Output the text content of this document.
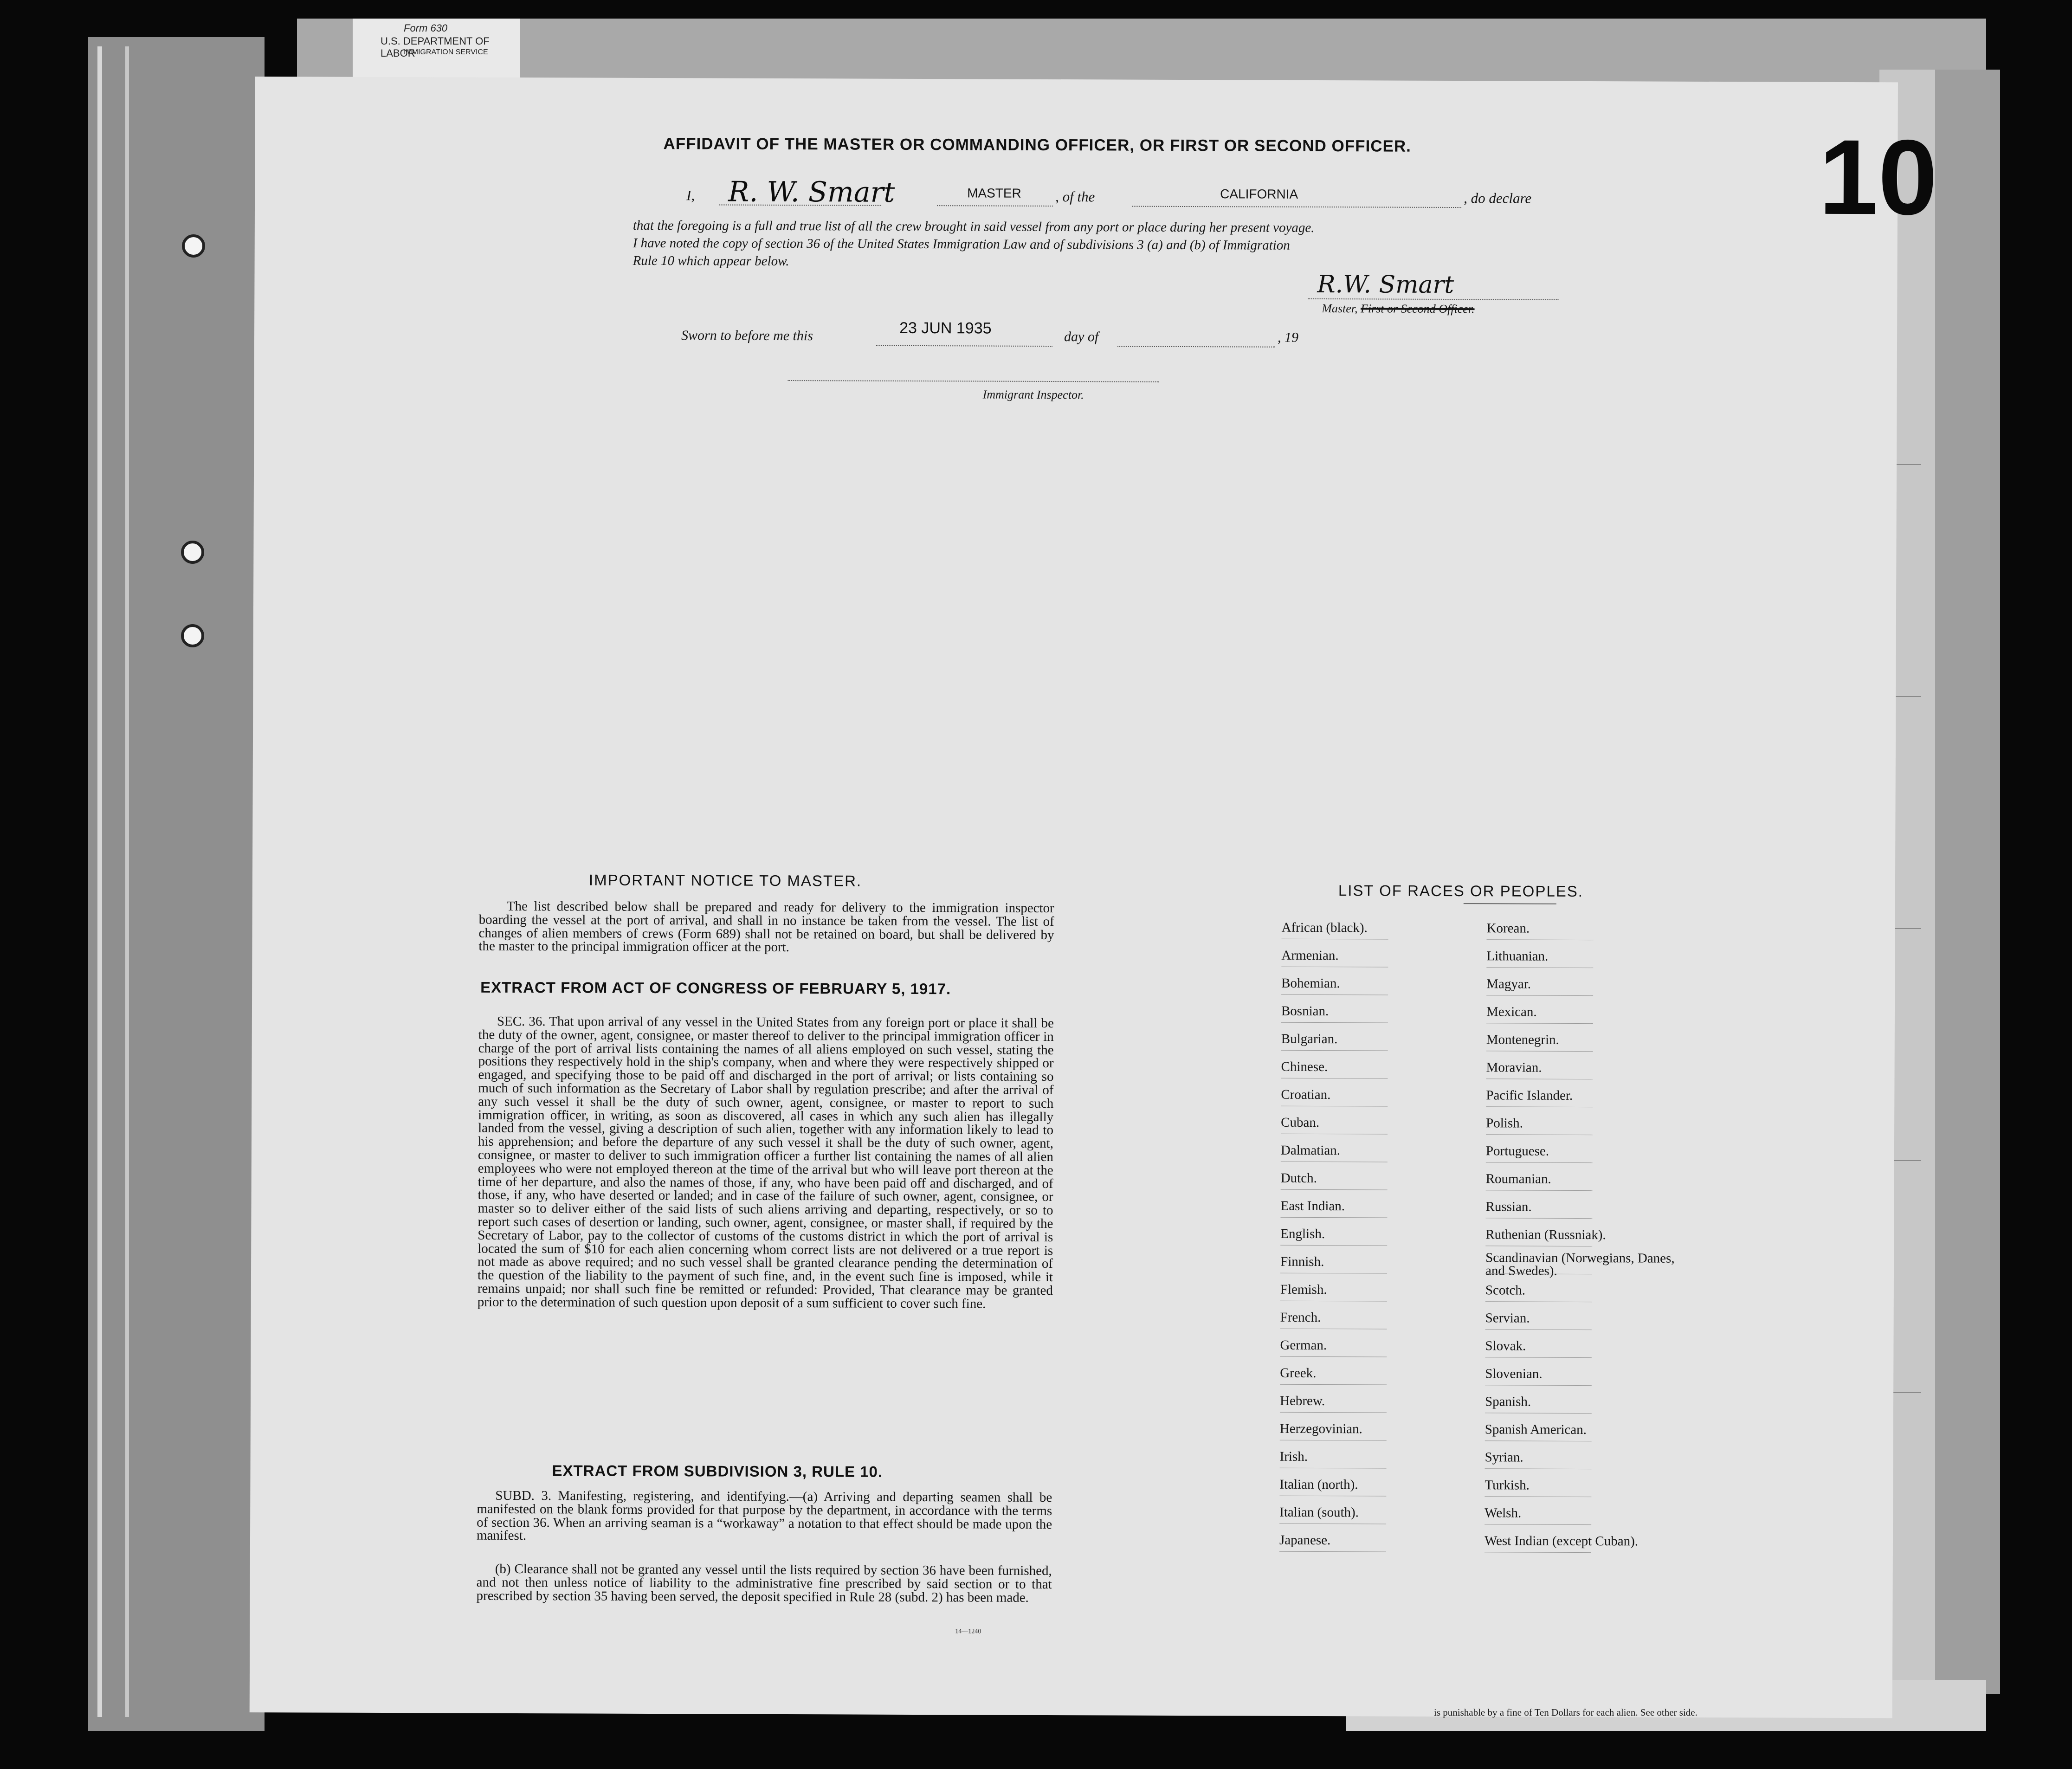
Form 630
U.S. DEPARTMENT OF LABOR
IMMIGRATION SERVICE
10
AFFIDAVIT OF THE MASTER OR COMMANDING OFFICER, OR FIRST OR SECOND OFFICER.
I, R. W. Smart	MASTER , of the	CALIFORNIA	, do declare
that the foregoing is a full and true list of all the crew brought in said vessel from any port or place during her present voyage.
I have noted the copy of section 36 of the United States Immigration Law and of subdivisions 3 (a) and (b) of Immigration
Rule 10 which appear below.
R.W. Smart
Master, First or Second Officer.
Sworn to before me this	23 JUN 1935	day of	, 19
Immigrant Inspector.
IMPORTANT NOTICE TO MASTER.
The list described below shall be prepared and ready for delivery to the immigration inspector boarding the vessel at the port of arrival, and shall in no instance be taken from the vessel. The list of changes of alien members of crews (Form 689) shall not be retained on board, but shall be delivered by the master to the principal immigration officer at the port.
EXTRACT FROM ACT OF CONGRESS OF FEBRUARY 5, 1917.
SEC. 36. That upon arrival of any vessel in the United States from any foreign port or place it shall be the duty of the owner, agent, consignee, or master thereof to deliver to the principal immigration officer in charge of the port of arrival lists containing the names of all aliens employed on such vessel, stating the positions they respectively hold in the ship's company, when and where they were respectively shipped or engaged, and specifying those to be paid off and discharged in the port of arrival; or lists containing so much of such information as the Secretary of Labor shall by regulation prescribe; and after the arrival of any such vessel it shall be the duty of such owner, agent, consignee, or master to report to such immigration officer, in writing, as soon as discovered, all cases in which any such alien has illegally landed from the vessel, giving a description of such alien, together with any information likely to lead to his apprehension; and before the departure of any such vessel it shall be the duty of such owner, agent, consignee, or master to deliver to such immigration officer a further list containing the names of all alien employees who were not employed thereon at the time of the arrival but who will leave port thereon at the time of her departure, and also the names of those, if any, who have been paid off and discharged, and of those, if any, who have deserted or landed; and in case of the failure of such owner, agent, consignee, or master so to deliver either of the said lists of such aliens arriving and departing, respectively, or so to report such cases of desertion or landing, such owner, agent, consignee, or master shall, if required by the Secretary of Labor, pay to the collector of customs of the customs district in which the port of arrival is located the sum of $10 for each alien concerning whom correct lists are not delivered or a true report is not made as above required; and no such vessel shall be granted clearance pending the determination of the question of the liability to the payment of such fine, and, in the event such fine is imposed, while it remains unpaid; nor shall such fine be remitted or refunded: Provided, That clearance may be granted prior to the determination of such question upon deposit of a sum sufficient to cover such fine.
EXTRACT FROM SUBDIVISION 3, RULE 10.
SUBD. 3. Manifesting, registering, and identifying.—(a) Arriving and departing seamen shall be manifested on the blank forms provided for that purpose by the department, in accordance with the terms of section 36. When an arriving seaman is a “workaway” a notation to that effect should be made upon the manifest.
(b) Clearance shall not be granted any vessel until the lists required by section 36 have been furnished, and not then unless notice of liability to the administrative fine prescribed by said section or to that prescribed by section 35 having been served, the deposit specified in Rule 28 (subd. 2) has been made.
14—1240
LIST OF RACES OR PEOPLES.
African (black).
Armenian.
Bohemian.
Bosnian.
Bulgarian.
Chinese.
Croatian.
Cuban.
Dalmatian.
Dutch.
East Indian.
English.
Finnish.
Flemish.
French.
German.
Greek.
Hebrew.
Herzegovinian.
Irish.
Italian (north).
Italian (south).
Japanese.
Korean.
Lithuanian.
Magyar.
Mexican.
Montenegrin.
Moravian.
Pacific Islander.
Polish.
Portuguese.
Roumanian.
Russian.
Ruthenian (Russniak).
Scandinavian (Norwegians, Danes, and Swedes).
Scotch.
Servian.
Slovak.
Slovenian.
Spanish.
Spanish American.
Syrian.
Turkish.
Welsh.
West Indian (except Cuban).
is punishable by a fine of Ten Dollars for each alien. See other side.
